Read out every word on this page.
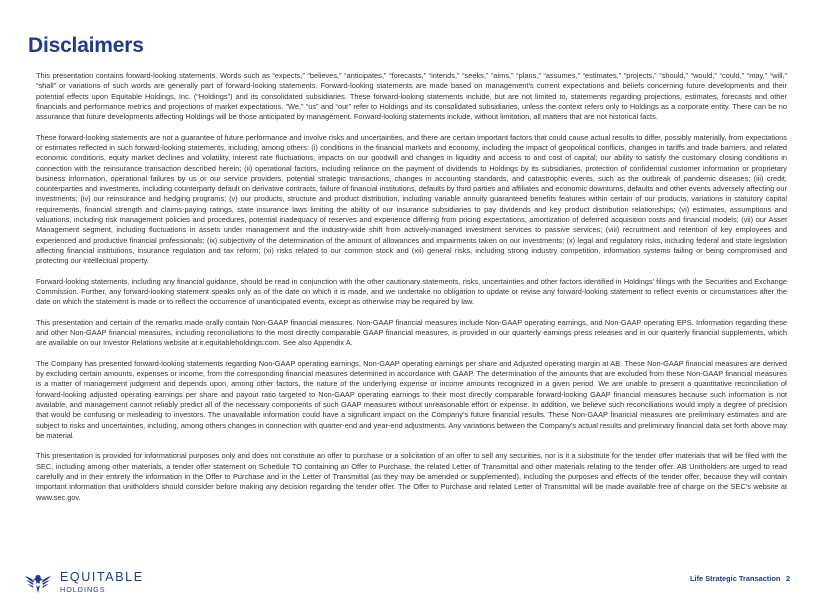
Disclaimers

This presentation contains forward-looking statements. Words such as “expects,” “believes,” “anticipates,” “forecasts,” “intends,” “seeks,” “aims,” “plans,” “assumes,” “estimates,” “projects,” “should,” “would,” “could,” “may,” “will,” “shall” or variations of such words are generally part of forward-looking statements. Forward-looking statements are made based on management’s current expectations and beliefs concerning future developments and their potential effects upon Equitable Holdings, Inc. (“Holdings”) and its consolidated subsidiaries. These forward-looking statements include, but are not limited to, statements regarding projections, estimates, forecasts and other financials and performance metrics and projections of market expectations. “We,” “us” and “our” refer to Holdings and its consolidated subsidiaries, unless the context refers only to Holdings as a corporate entity. There can be no assurance that future developments affecting Holdings will be those anticipated by management. Forward-looking statements include, without limitation, all matters that are not historical facts.

These forward-looking statements are not a guarantee of future performance and involve risks and uncertainties, and there are certain important factors that could cause actual results to differ, possibly materially, from expectations or estimates reflected in such forward-looking statements, including, among others: (i) conditions in the financial markets and economy, including the impact of geopolitical conflicts, changes in tariffs and trade barriers, and related economic conditions, equity market declines and volatility, interest rate fluctuations, impacts on our goodwill and changes in liquidity and access to and cost of capital; our ability to satisfy the customary closing conditions in connection with the reinsurance transaction described herein; (ii) operational factors, including reliance on the payment of dividends to Holdings by its subsidiaries, protection of confidential customer information or proprietary business information, operational failures by us or our service providers, potential strategic transactions, changes in accounting standards, and catastrophic events, such as the outbreak of pandemic diseases; (iii) credit, counterparties and investments, including counterparty default on derivative contracts, failure of financial institutions, defaults by third parties and affiliates and economic downturns, defaults and other events adversely affecting our investments; (iv) our reinsurance and hedging programs; (v) our products, structure and product distribution, including variable annuity guaranteed benefits features within certain of our products, variations in statutory capital requirements, financial strength and claims-paying ratings, state insurance laws limiting the ability of our insurance subsidiaries to pay dividends and key product distribution relationships; (vi) estimates, assumptions and valuations, including risk management policies and procedures, potential inadequacy of reserves and experience differing from pricing expectations, amortization of deferred acquisition costs and financial models; (vii) our Asset Management segment, including fluctuations in assets under management and the industry-wide shift from actively-managed investment services to passive services; (viii) recruitment and retention of key employees and experienced and productive financial professionals; (ix) subjectivity of the determination of the amount of allowances and impairments taken on our investments; (x) legal and regulatory risks, including federal and state legislation affecting financial institutions, insurance regulation and tax reform; (xi) risks related to our common stock and (xii) general risks, including strong industry competition, information systems failing or being compromised and protecting our intellectual property.

Forward-looking statements, including any financial guidance, should be read in conjunction with the other cautionary statements, risks, uncertainties and other factors identified in Holdings’ filings with the Securities and Exchange Commission. Further, any forward-looking statement speaks only as of the date on which it is made, and we undertake no obligation to update or revise any forward-looking statement to reflect events or circumstances after the date on which the statement is made or to reflect the occurrence of unanticipated events, except as otherwise may be required by law.

This presentation and certain of the remarks made orally contain Non-GAAP financial measures. Non-GAAP financial measures include Non-GAAP operating earnings, and Non-GAAP operating EPS. Information regarding these and other Non-GAAP financial measures, including reconciliations to the most directly comparable GAAP financial measures, is provided in our quarterly earnings press releases and in our quarterly financial supplements, which are available on our Investor Relations website at ir.equitableholdings.com. See also Appendix A.

The Company has presented forward-looking statements regarding Non-GAAP operating earnings, Non-GAAP operating earnings per share and Adjusted operating margin at AB. These Non-GAAP financial measures are derived by excluding certain amounts, expenses or income, from the corresponding financial measures determined in accordance with GAAP. The determination of the amounts that are excluded from these Non-GAAP financial measures is a matter of management judgment and depends upon, among other factors, the nature of the underlying expense or income amounts recognized in a given period. We are unable to present a quantitative reconciliation of forward-looking adjusted operating earnings per share and payout ratio targeted to Non-GAAP operating earnings to their most directly comparable forward-looking GAAP financial measures because such information is not available, and management cannot reliably predict all of the necessary components of such GAAP measures without unreasonable effort or expense. In addition, we believe such reconciliations would imply a degree of precision that would be confusing or misleading to investors. The unavailable information could have a significant impact on the Company’s future financial results. These Non-GAAP financial measures are preliminary estimates and are subject to risks and uncertainties, including, among others changes in connection with quarter-end and year-end adjustments. Any variations between the Company’s actual results and preliminary financial data set forth above may be material.

This presentation is provided for informational purposes only and does not constitute an offer to purchase or a solicitation of an offer to sell any securities, nor is it a substitute for the tender offer materials that will be filed with the SEC, including among other materials, a tender offer statement on Schedule TO containing an Offer to Purchase, the related Letter of Transmittal and other materials relating to the tender offer. AB Unitholders are urged to read carefully and in their entirety the information in the Offer to Purchase and in the Letter of Transmittal (as they may be amended or supplemented), including the purposes and effects of the tender offer, because they will contain important information that unitholders should consider before making any decision regarding the tender offer. The Offer to Purchase and related Letter of Transmittal will be made available free of charge on the SEC’s website at www.sec.gov.

EQUITABLE
HOLDINGS
Life Strategic Transaction 2
